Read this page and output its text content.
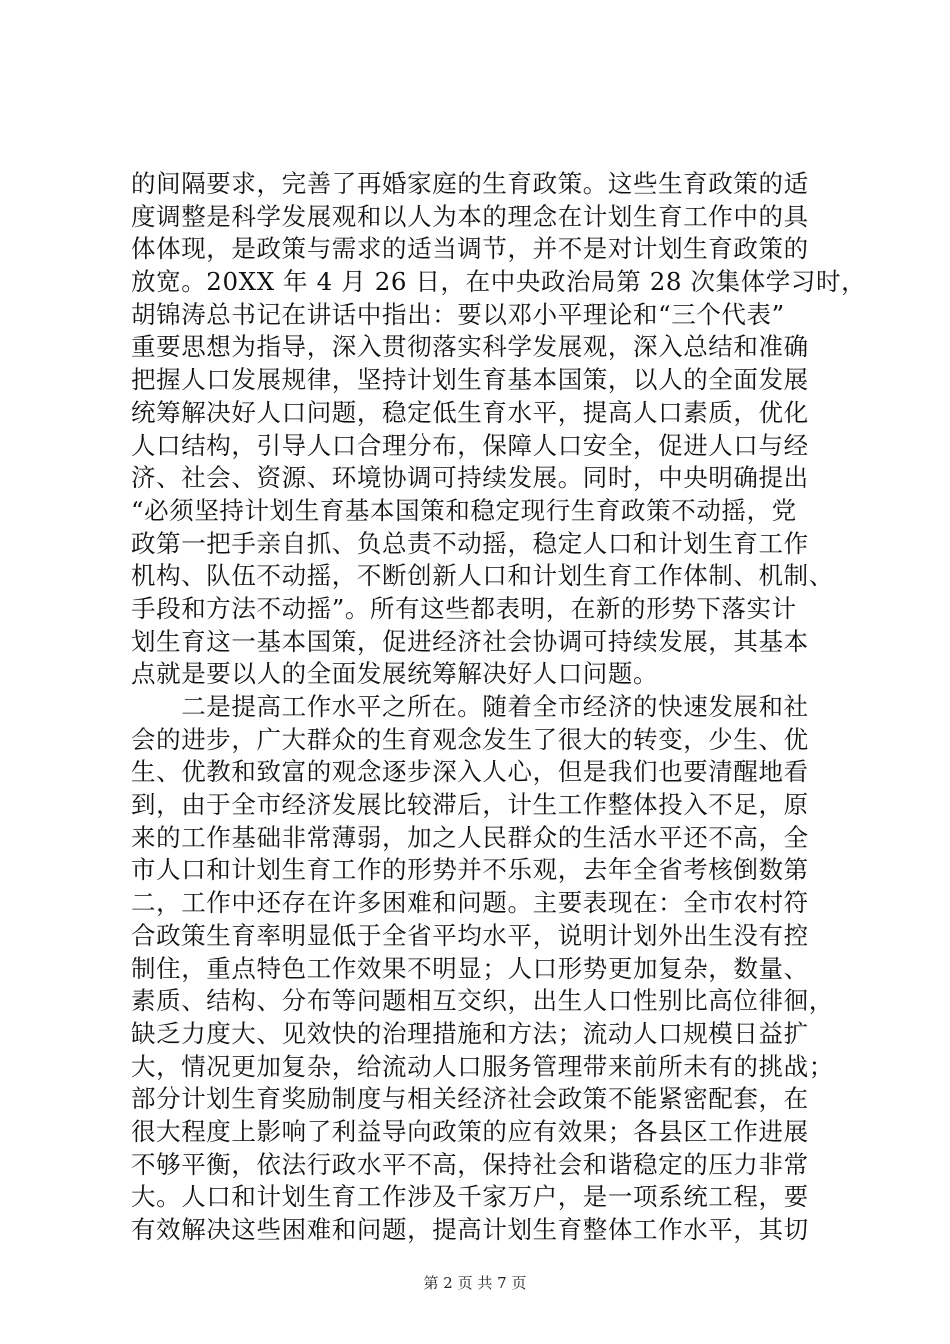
的间隔要求，完善了再婚家庭的生育政策。这些生育政策的适
度调整是科学发展观和以人为本的理念在计划生育工作中的具
体体现，是政策与需求的适当调节，并不是对计划生育政策的
放宽。20XX 年 4 月 26 日，在中央政治局第 28 次集体学习时，
胡锦涛总书记在讲话中指出：要以邓小平理论和“三个代表”
重要思想为指导，深入贯彻落实科学发展观，深入总结和准确
把握人口发展规律，坚持计划生育基本国策，以人的全面发展
统筹解决好人口问题，稳定低生育水平，提高人口素质，优化
人口结构，引导人口合理分布，保障人口安全，促进人口与经
济、社会、资源、环境协调可持续发展。同时，中央明确提出
“必须坚持计划生育基本国策和稳定现行生育政策不动摇，党
政第一把手亲自抓、负总责不动摇，稳定人口和计划生育工作
机构、队伍不动摇，不断创新人口和计划生育工作体制、机制、
手段和方法不动摇”。所有这些都表明，在新的形势下落实计
划生育这一基本国策，促进经济社会协调可持续发展，其基本
点就是要以人的全面发展统筹解决好人口问题。
　　二是提高工作水平之所在。随着全市经济的快速发展和社
会的进步，广大群众的生育观念发生了很大的转变，少生、优
生、优教和致富的观念逐步深入人心，但是我们也要清醒地看
到，由于全市经济发展比较滞后，计生工作整体投入不足，原
来的工作基础非常薄弱，加之人民群众的生活水平还不高，全
市人口和计划生育工作的形势并不乐观，去年全省考核倒数第
二，工作中还存在许多困难和问题。主要表现在：全市农村符
合政策生育率明显低于全省平均水平，说明计划外出生没有控
制住，重点特色工作效果不明显；人口形势更加复杂，数量、
素质、结构、分布等问题相互交织，出生人口性别比高位徘徊，
缺乏力度大、见效快的治理措施和方法；流动人口规模日益扩
大，情况更加复杂，给流动人口服务管理带来前所未有的挑战；
部分计划生育奖励制度与相关经济社会政策不能紧密配套，在
很大程度上影响了利益导向政策的应有效果；各县区工作进展
不够平衡，依法行政水平不高，保持社会和谐稳定的压力非常
大。人口和计划生育工作涉及千家万户，是一项系统工程，要
有效解决这些困难和问题，提高计划生育整体工作水平，其切
第 2 页 共 7 页
